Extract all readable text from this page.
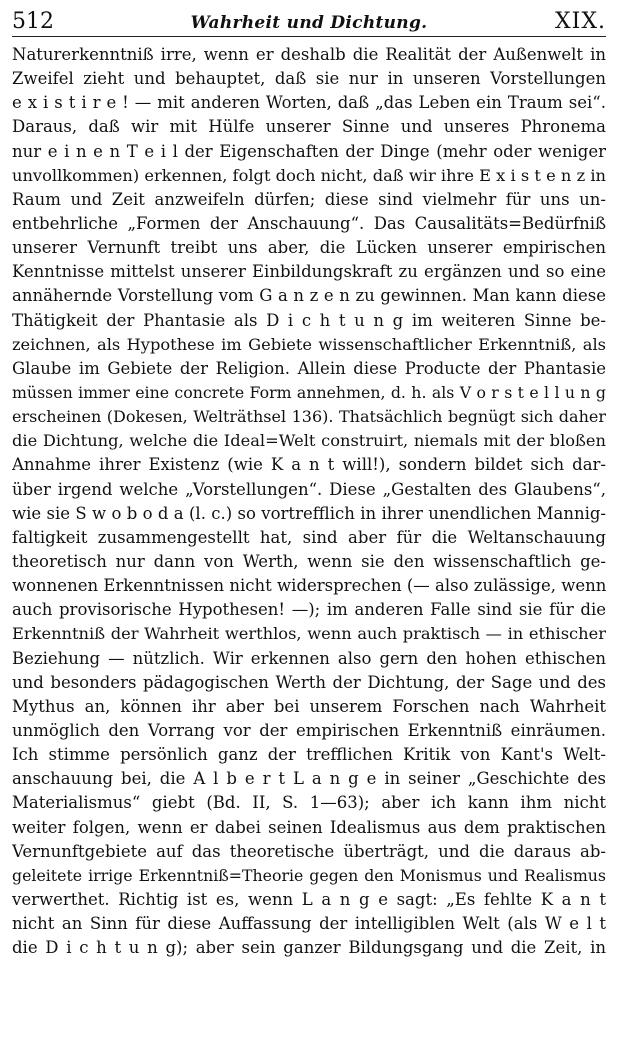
512	Wahrheit und Dichtung.	XIX.
Naturerkenntniß irre, wenn er deshalb die Realität der Außenwelt in
Zweifel zieht und behauptet, daß sie nur in unseren Vorstellungen
e x i s t i r e ! — mit anderen Worten, daß „das Leben ein Traum sei“.
Daraus, daß wir mit Hülfe unserer Sinne und unseres Phronema
nur e i n e n T e i l der Eigenschaften der Dinge (mehr oder weniger
unvollkommen) erkennen, folgt doch nicht, daß wir ihre E x i s t e n z in
Raum und Zeit anzweifeln dürfen; diese sind vielmehr für uns un-
entbehrliche „Formen der Anschauung“. Das Causalitäts=Bedürfniß
unserer Vernunft treibt uns aber, die Lücken unserer empirischen
Kenntnisse mittelst unserer Einbildungskraft zu ergänzen und so eine
annähernde Vorstellung vom G a n z e n zu gewinnen. Man kann diese
Thätigkeit der Phantasie als D i c h t u n g im weiteren Sinne be-
zeichnen, als Hypothese im Gebiete wissenschaftlicher Erkenntniß, als
Glaube im Gebiete der Religion. Allein diese Producte der Phantasie
müssen immer eine concrete Form annehmen, d. h. als V o r s t e l l u n g
erscheinen (Dokesen, Welträthsel 136). Thatsächlich begnügt sich daher
die Dichtung, welche die Ideal=Welt construirt, niemals mit der bloßen
Annahme ihrer Existenz (wie K a n t will!), sondern bildet sich dar-
über irgend welche „Vorstellungen“. Diese „Gestalten des Glaubens“,
wie sie S w o b o d a (l. c.) so vortrefflich in ihrer unendlichen Mannig-
faltigkeit zusammengestellt hat, sind aber für die Weltanschauung
theoretisch nur dann von Werth, wenn sie den wissenschaftlich ge-
wonnenen Erkenntnissen nicht widersprechen (— also zulässige, wenn
auch provisorische Hypothesen! —); im anderen Falle sind sie für die
Erkenntniß der Wahrheit werthlos, wenn auch praktisch — in ethischer
Beziehung — nützlich. Wir erkennen also gern den hohen ethischen
und besonders pädagogischen Werth der Dichtung, der Sage und des
Mythus an, können ihr aber bei unserem Forschen nach Wahrheit
unmöglich den Vorrang vor der empirischen Erkenntniß einräumen.
Ich stimme persönlich ganz der trefflichen Kritik von Kant's Welt-
anschauung bei, die A l b e r t L a n g e in seiner „Geschichte des
Materialismus“ giebt (Bd. II, S. 1—63); aber ich kann ihm nicht
weiter folgen, wenn er dabei seinen Idealismus aus dem praktischen
Vernunftgebiete auf das theoretische überträgt, und die daraus ab-
geleitete irrige Erkenntniß=Theorie gegen den Monismus und Realismus
verwerthet. Richtig ist es, wenn L a n g e sagt: „Es fehlte K a n t
nicht an Sinn für diese Auffassung der intelligiblen Welt (als W e l t
die D i c h t u n g); aber sein ganzer Bildungsgang und die Zeit, in
